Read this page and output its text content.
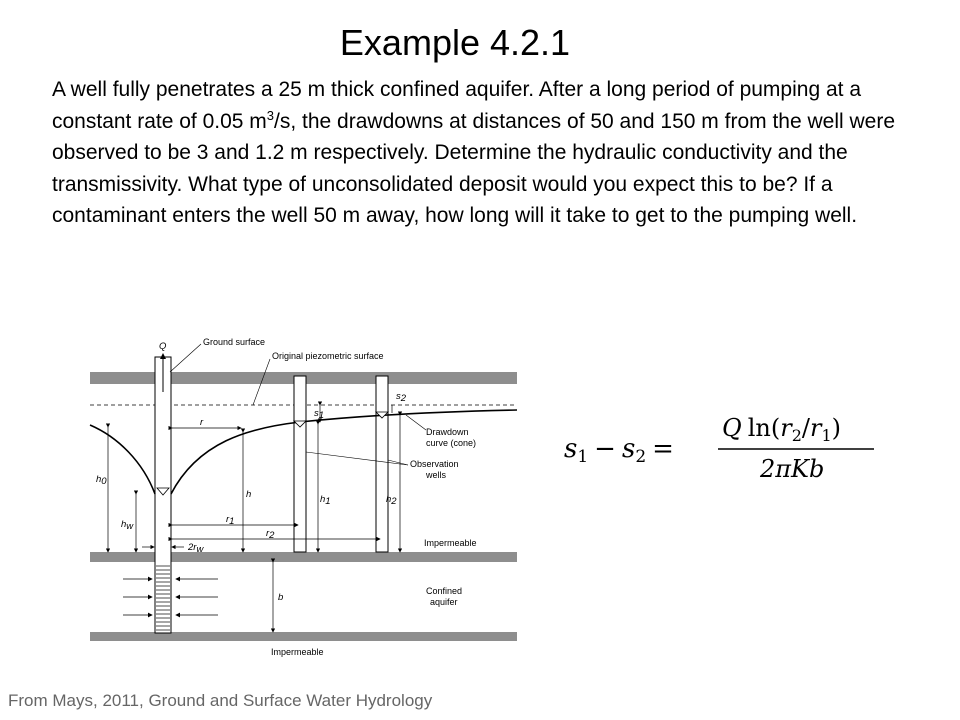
Example 4.2.1

A well fully penetrates a 25 m thick confined aquifer. After a long period of pumping at a constant rate of 0.05 $m^3/s$, the drawdowns at distances of 50 and 150 m from the well were observed to be 3 and 1.2 m respectively. Determine the hydraulic conductivity and the transmissivity. What type of unconsolidated deposit would you expect this to be? If a contaminant enters the well 50 m away, how long will it take to get to the pumping well.

Ground surface
Original piezometric surface
Drawdown
curve (cone)
Observation
wells
Impermeable
Confined
aquifer
Impermeable
Q
r
h0
hw
h	h1	h2
s1
s2
r1
r2
2rw
b
s1 − s2 =
Q $\ln(r_2/r_1)$
2πKb
From Mays, 2011, Ground and Surface Water Hydrology
